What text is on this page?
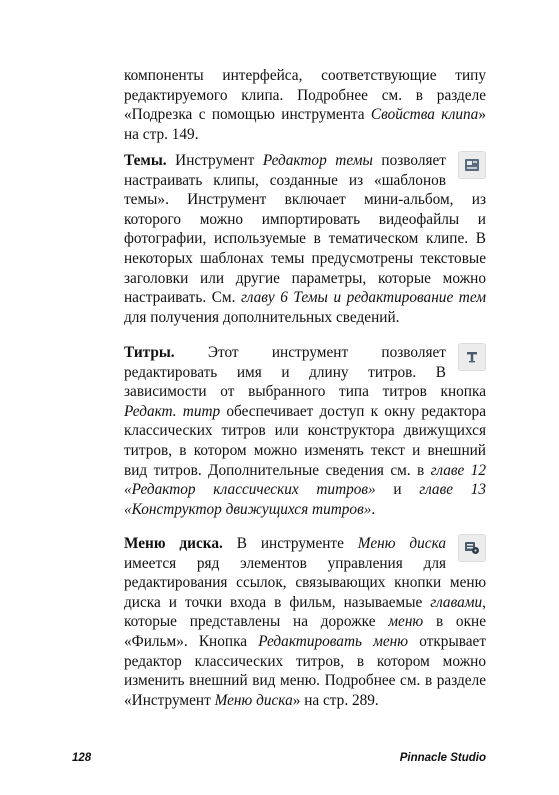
компоненты интерфейса, соответствующие типу редактируемого клипа. Подробнее см. в разделе «Подрезка с помощью инструмента Свойства клипа» на стр. 149.

Темы. Инструмент Редактор темы позволяет настраивать клипы, созданные из «шаблонов темы». Инструмент включает мини-альбом, из которого можно импортировать видеофайлы и фотографии, используемые в тематическом клипе. В некоторых шаблонах темы предусмотрены текстовые заголовки или другие параметры, которые можно настраивать. См. главу 6 Темы и редактирование тем для получения дополнительных сведений.

Титры. Этот инструмент позволяет редактировать имя и длину титров. В зависимости от выбранного типа титров кнопка Редакт. титр обеспечивает доступ к окну редактора классических титров или конструктора движущихся титров, в котором можно изменять текст и внешний вид титров. Дополнительные сведения см. в главе 12 «Редактор классических титров» и главе 13 «Конструктор движущихся титров».

Меню диска. В инструменте Меню диска имеется ряд элементов управления для редактирования ссылок, связывающих кнопки меню диска и точки входа в фильм, называемые главами, которые представлены на дорожке меню в окне «Фильм». Кнопка Редактировать меню открывает редактор классических титров, в котором можно изменить внешний вид меню. Подробнее см. в разделе «Инструмент Меню диска» на стр. 289.

128	Pinnacle Studio
